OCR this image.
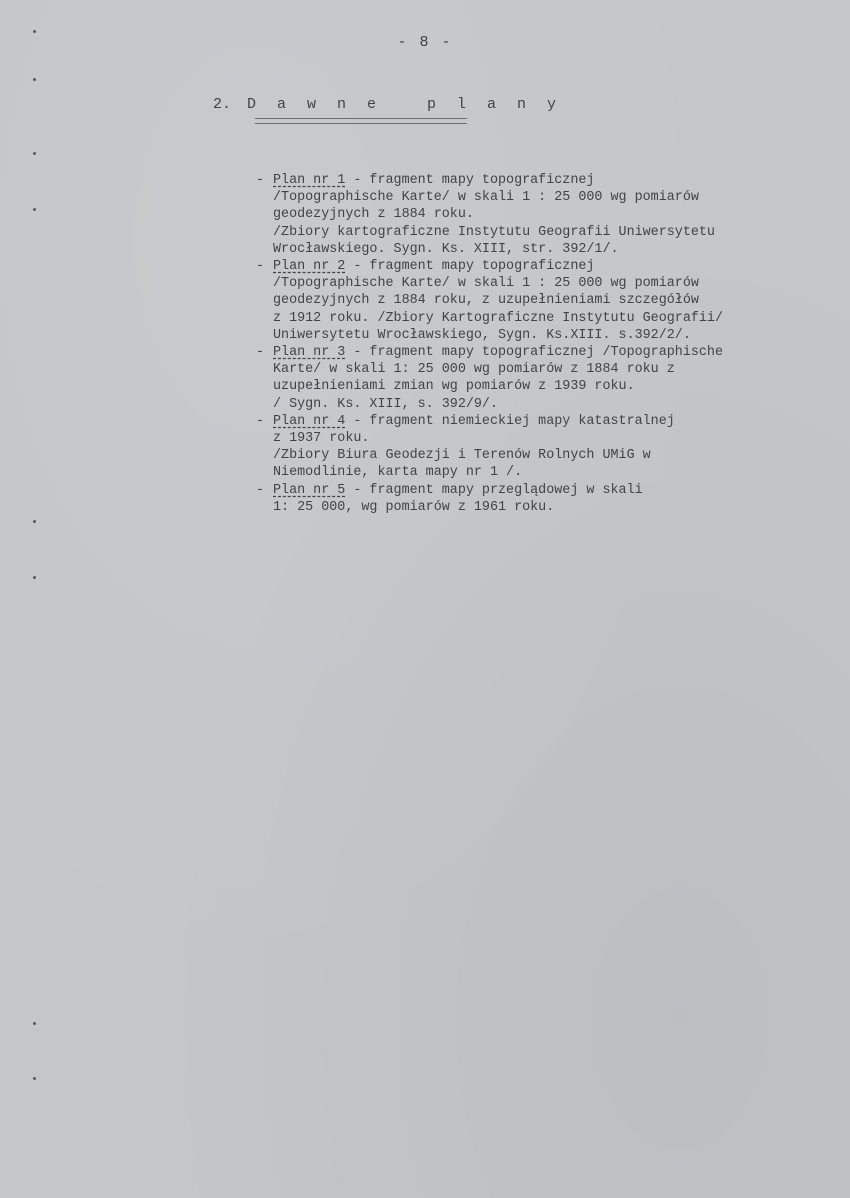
- 8 -
2. D a w n e   p l a n y
- Plan nr 1 - fragment mapy topograficznej
/Topographische Karte/ w skali 1 : 25 000 wg pomiarów
geodezyjnych z 1884 roku.
/Zbiory kartograficzne Instytutu Geografii Uniwersytetu
Wrocławskiego. Sygn. Ks. XIII, str. 392/1/.
- Plan nr 2 - fragment mapy topograficznej
/Topographische Karte/ w skali 1 : 25 000 wg pomiarów
geodezyjnych z 1884 roku, z uzupełnieniami szczegółów
z 1912 roku. /Zbiory Kartograficzne Instytutu Geografii/
Uniwersytetu Wrocławskiego, Sygn. Ks.XIII. s.392/2/.
- Plan nr 3 - fragment mapy topograficznej /Topographische
Karte/ w skali 1: 25 000 wg pomiarów z 1884 roku z
uzupełnieniami zmian wg pomiarów z 1939 roku.
/ Sygn. Ks. XIII, s. 392/9/.
- Plan nr 4 - fragment niemieckiej mapy katastralnej
z 1937 roku.
/Zbiory Biura Geodezji i Terenów Rolnych UMiG w
Niemodlinie, karta mapy nr 1 /.
- Plan nr 5 - fragment mapy przeglądowej w skali
1: 25 000, wg pomiarów z 1961 roku.
